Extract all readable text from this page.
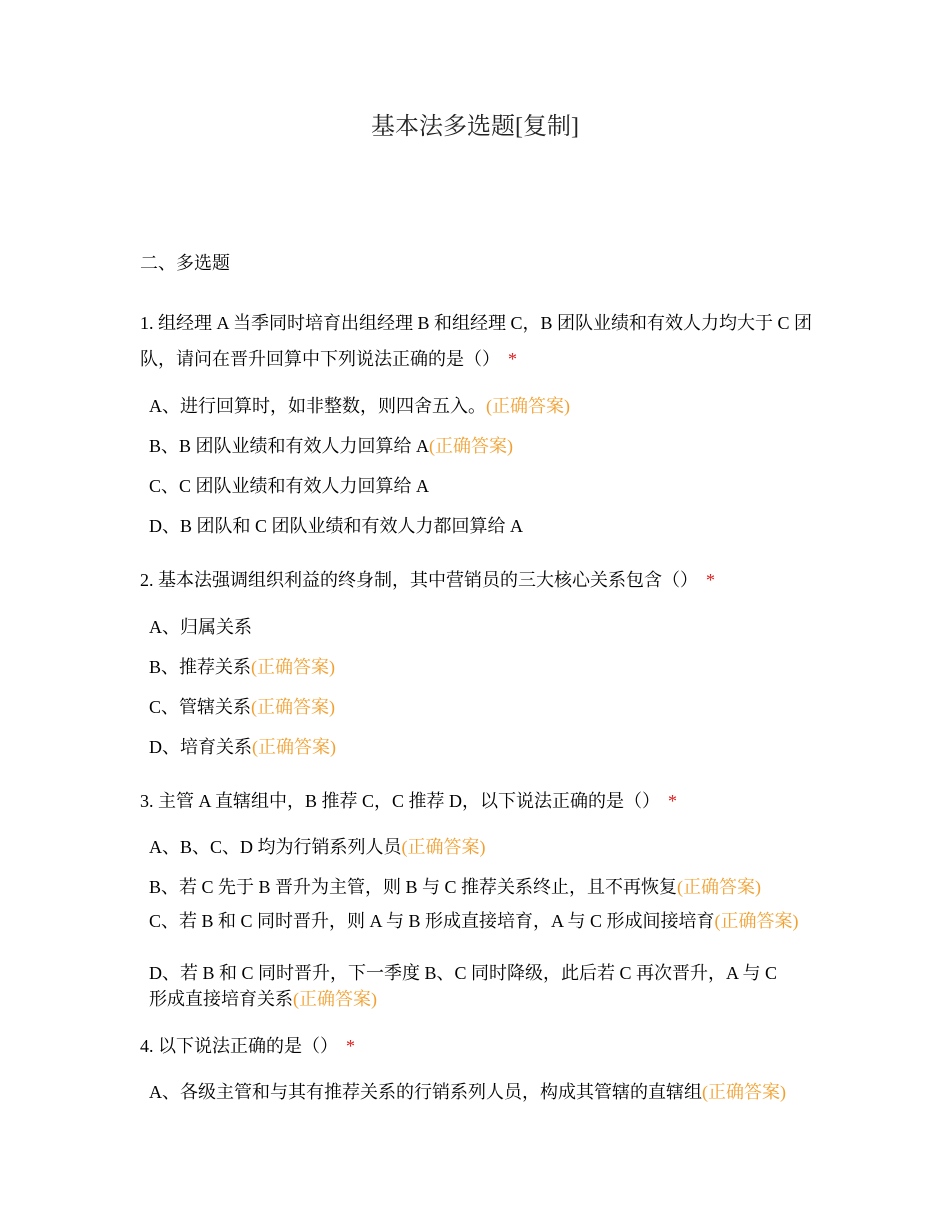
基本法多选题[复制]
二、多选题
1. 组经理 A 当季同时培育出组经理 B 和组经理 C，B 团队业绩和有效人力均大于 C 团队，请问在晋升回算中下列说法正确的是（） *
A、进行回算时，如非整数，则四舍五入。(正确答案)
B、B 团队业绩和有效人力回算给 A(正确答案)
C、C 团队业绩和有效人力回算给 A
D、B 团队和 C 团队业绩和有效人力都回算给 A
2. 基本法强调组织利益的终身制，其中营销员的三大核心关系包含（） *
A、归属关系
B、推荐关系(正确答案)
C、管辖关系(正确答案)
D、培育关系(正确答案)
3. 主管 A 直辖组中，B 推荐 C，C 推荐 D，以下说法正确的是（） *
A、B、C、D 均为行销系列人员(正确答案)
B、若 C 先于 B 晋升为主管，则 B 与 C 推荐关系终止，且不再恢复(正确答案)
C、若 B 和 C 同时晋升，则 A 与 B 形成直接培育，A 与 C 形成间接培育(正确答案)
D、若 B 和 C 同时晋升，下一季度 B、C 同时降级，此后若 C 再次晋升，A 与 C 形成直接培育关系(正确答案)
4. 以下说法正确的是（） *
A、各级主管和与其有推荐关系的行销系列人员，构成其管辖的直辖组(正确答案)
